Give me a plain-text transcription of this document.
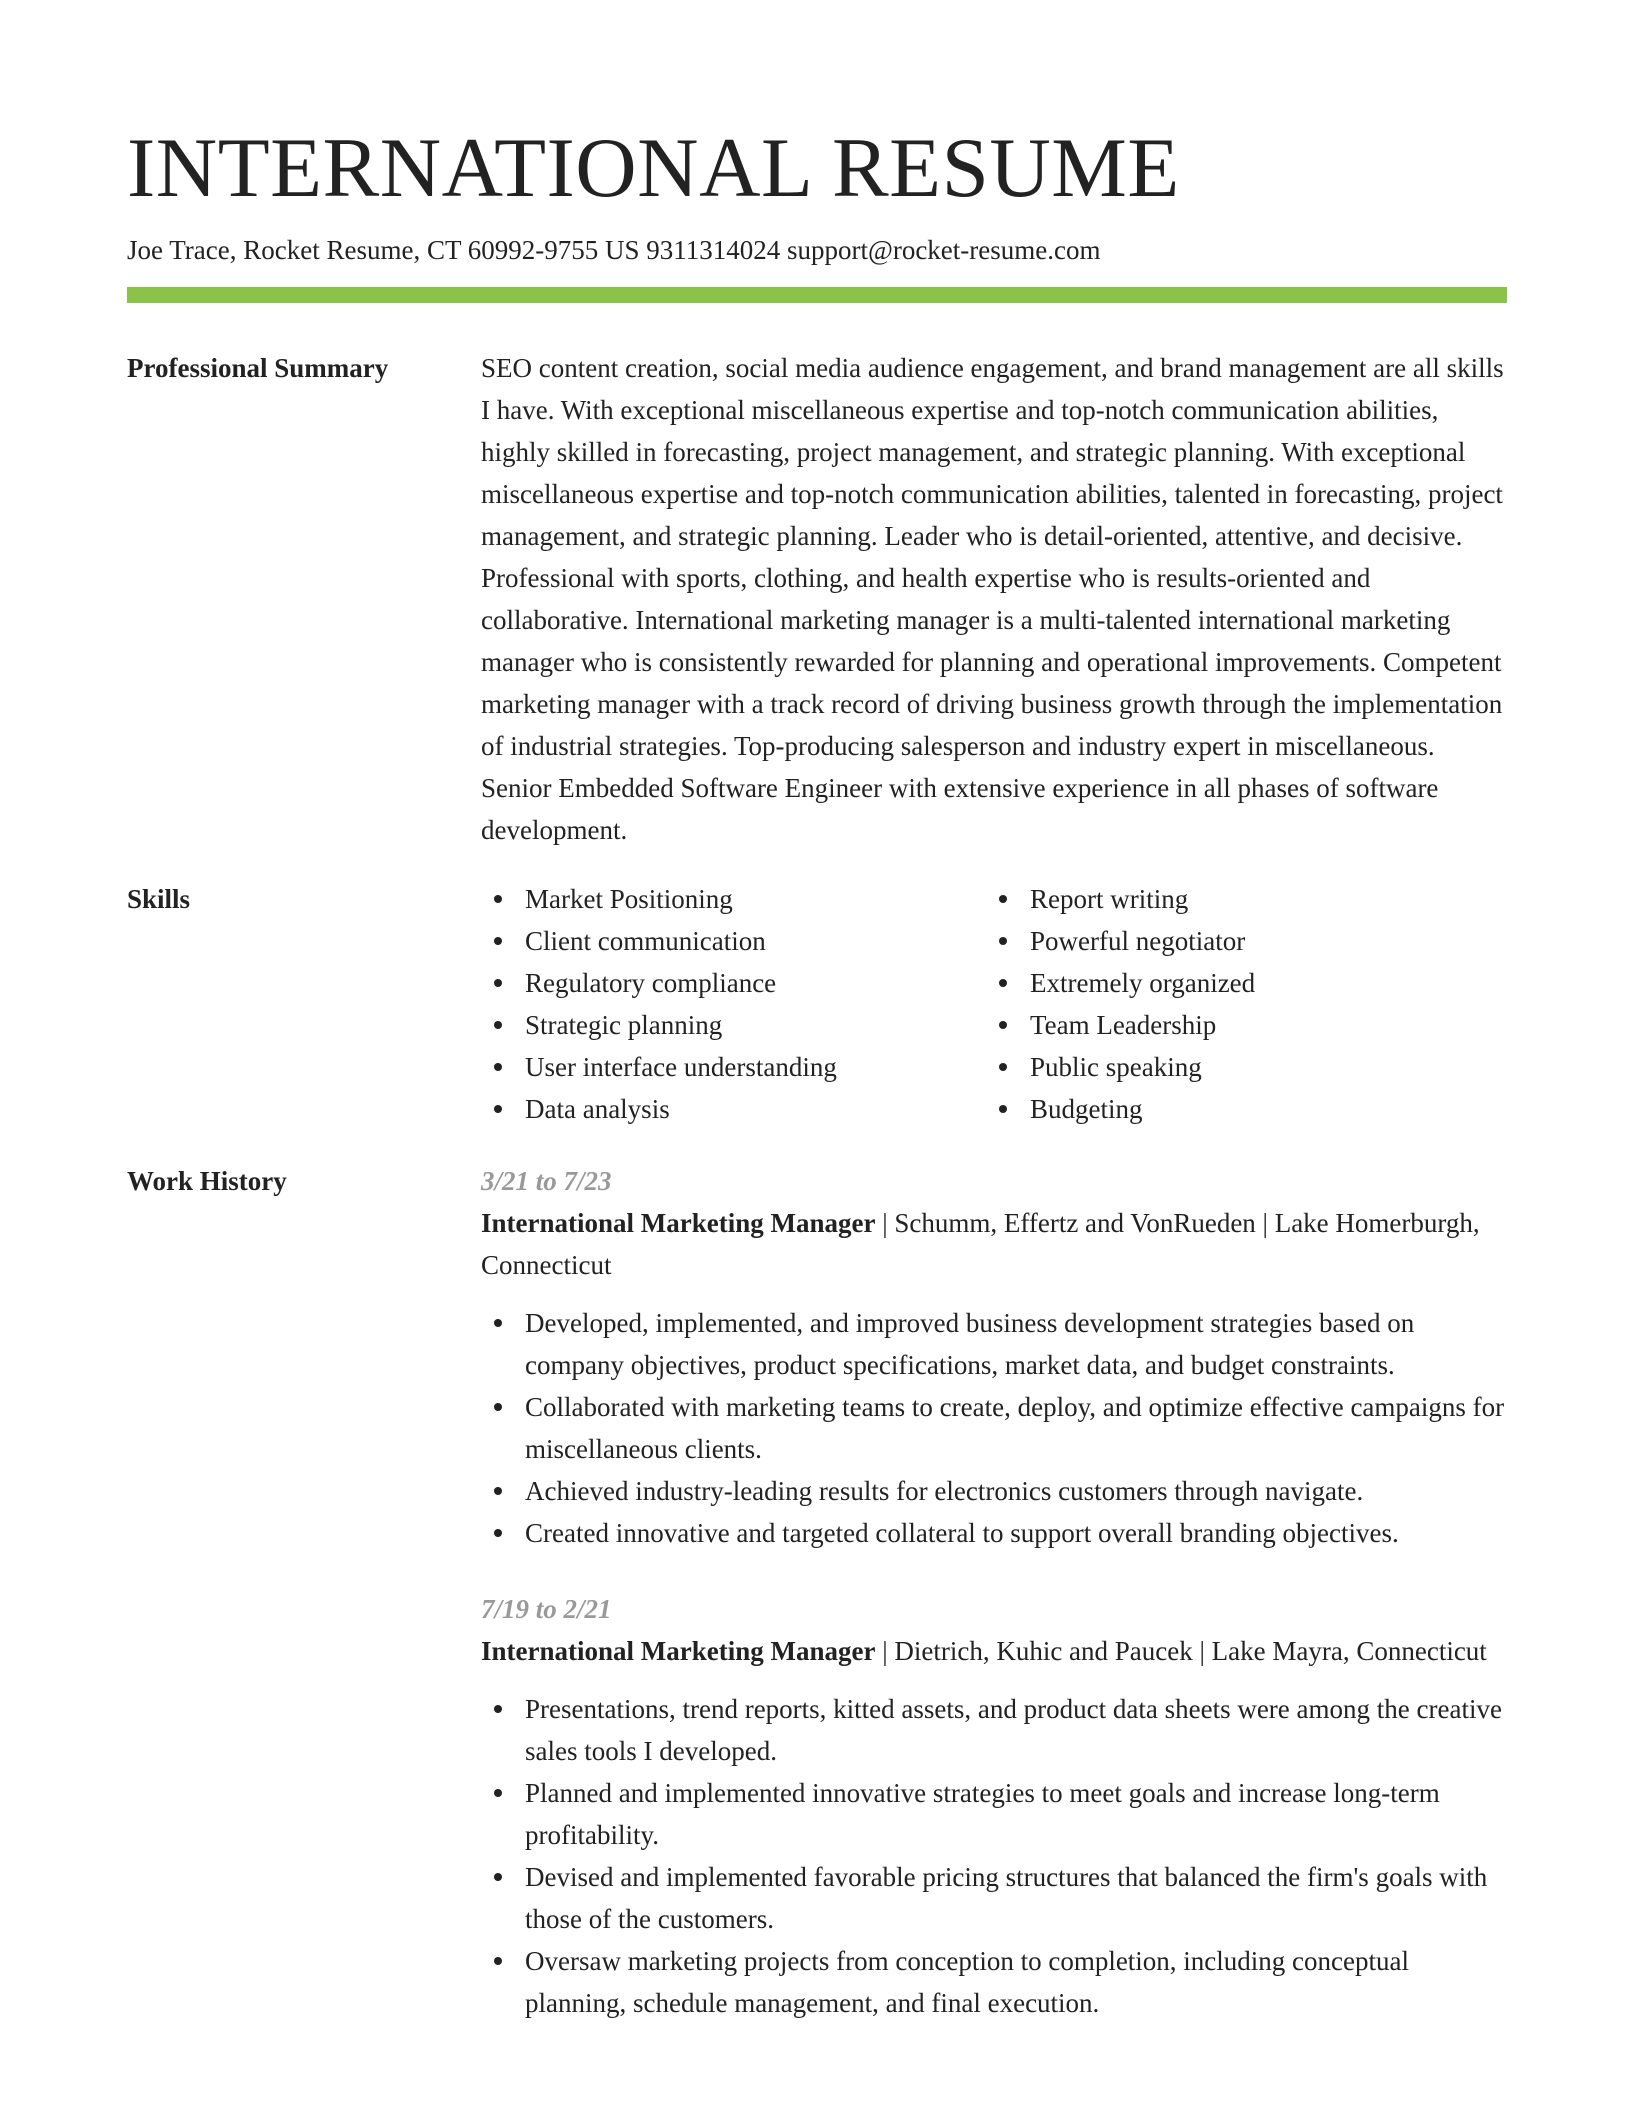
INTERNATIONAL RESUME
Joe Trace, Rocket Resume, CT 60992-9755 US 9311314024 support@rocket-resume.com
Professional Summary	SEO content creation, social media audience engagement, and brand management are all skills I have. With exceptional miscellaneous expertise and top-notch communication abilities, highly skilled in forecasting, project management, and strategic planning. With exceptional miscellaneous expertise and top-notch communication abilities, talented in forecasting, project management, and strategic planning. Leader who is detail-oriented, attentive, and decisive. Professional with sports, clothing, and health expertise who is results-oriented and collaborative. International marketing manager is a multi-talented international marketing manager who is consistently rewarded for planning and operational improvements. Competent marketing manager with a track record of driving business growth through the implementation of industrial strategies. Top-producing salesperson and industry expert in miscellaneous. Senior Embedded Software Engineer with extensive experience in all phases of software development.

Skills	Market Positioning
Client communication
Regulatory compliance
Strategic planning
User interface understanding
Data analysis
Report writing
Powerful negotiator
Extremely organized
Team Leadership
Public speaking
Budgeting
Work History	3/21 to 7/23
International Marketing Manager | Schumm, Effertz and VonRueden | Lake Homerburgh, Connecticut
Developed, implemented, and improved business development strategies based on company objectives, product specifications, market data, and budget constraints.
Collaborated with marketing teams to create, deploy, and optimize effective campaigns for miscellaneous clients.
Achieved industry-leading results for electronics customers through navigate.
Created innovative and targeted collateral to support overall branding objectives.
7/19 to 2/21
International Marketing Manager | Dietrich, Kuhic and Paucek | Lake Mayra, Connecticut
Presentations, trend reports, kitted assets, and product data sheets were among the creative sales tools I developed.
Planned and implemented innovative strategies to meet goals and increase long-term profitability.
Devised and implemented favorable pricing structures that balanced the firm's goals with those of the customers.
Oversaw marketing projects from conception to completion, including conceptual planning, schedule management, and final execution.
